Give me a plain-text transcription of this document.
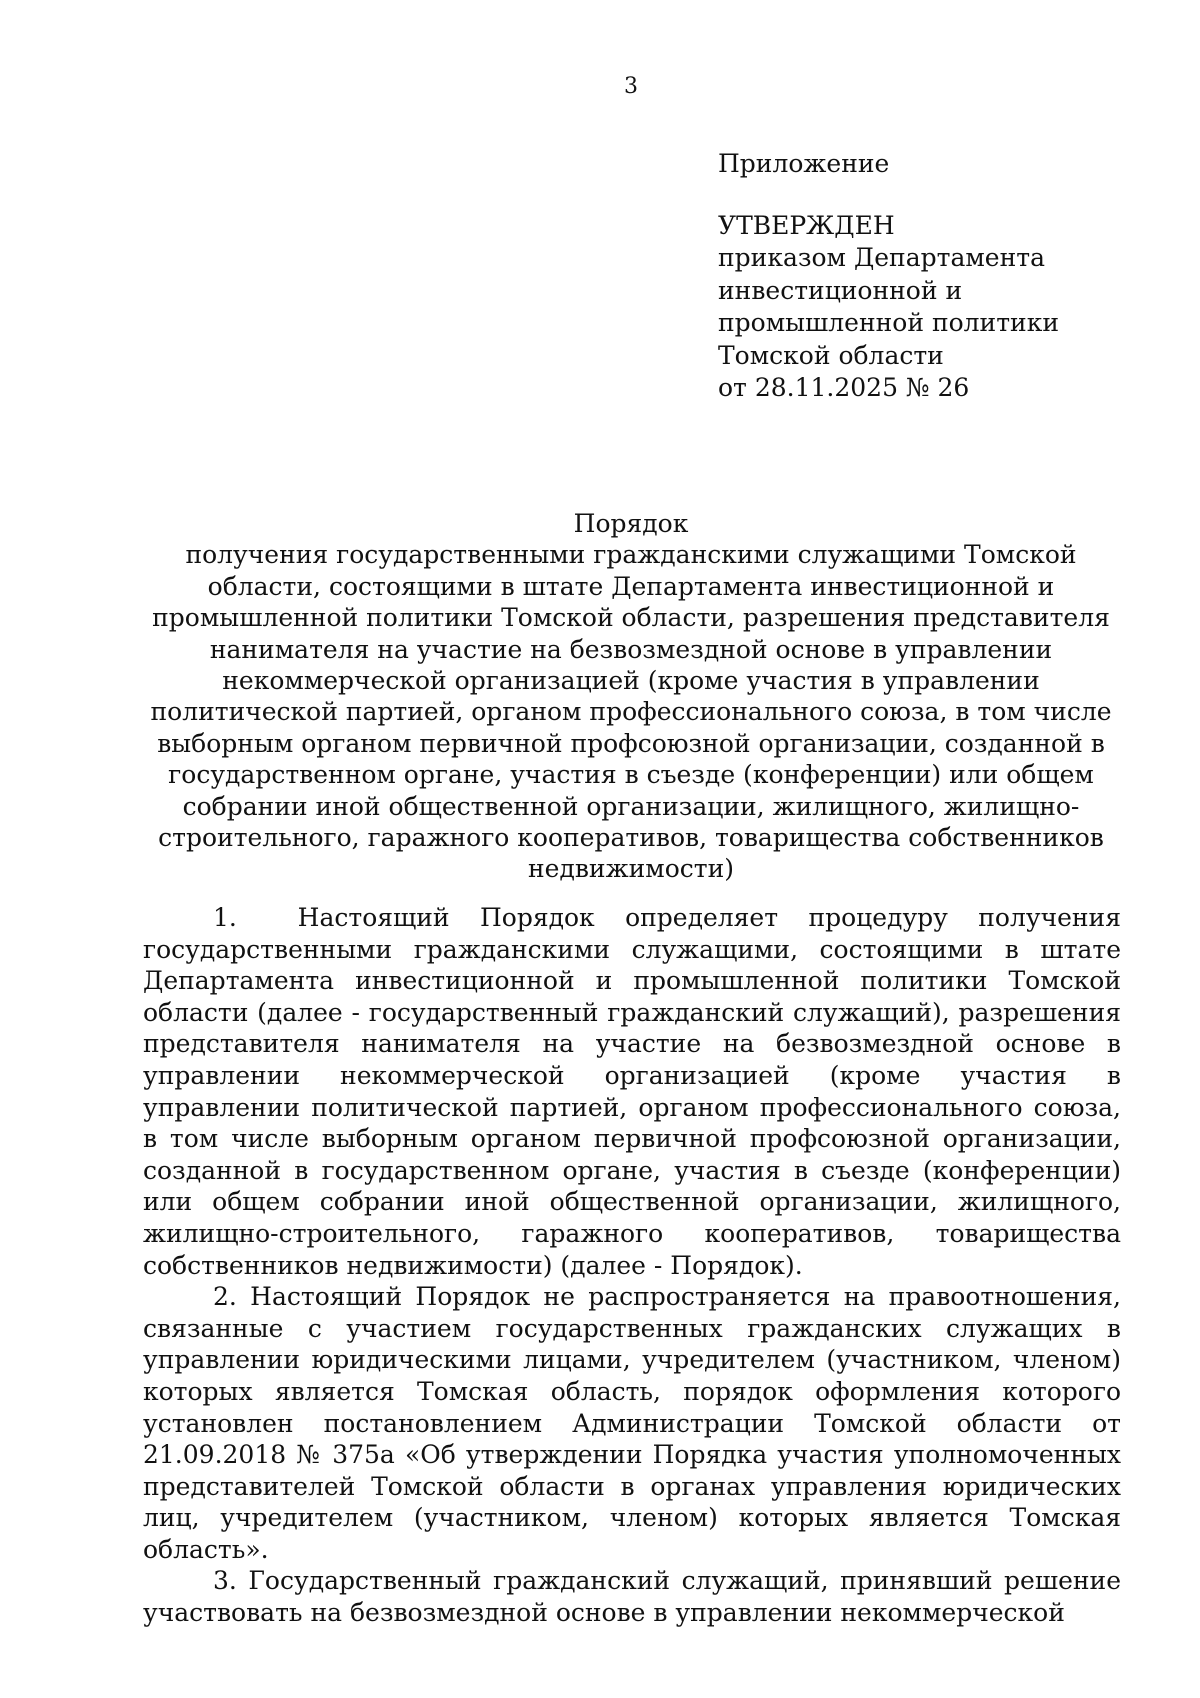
3
Приложение
УТВЕРЖДЕН
приказом Департамента
инвестиционной и
промышленной политики
Томской области
от 28.11.2025 № 26
Порядок
получения государственными гражданскими служащими Томской области, состоящими в штате Департамента инвестиционной и промышленной политики Томской области, разрешения представителя нанимателя на участие на безвозмездной основе в управлении некоммерческой организацией (кроме участия в управлении политической партией, органом профессионального союза, в том числе выборным органом первичной профсоюзной организации, созданной в государственном органе, участия в съезде (конференции) или общем собрании иной общественной организации, жилищного, жилищно-строительного, гаражного кооперативов, товарищества собственников недвижимости)

1.  Настоящий Порядок определяет процедуру получения государственными гражданскими служащими, состоящими в штате Департамента инвестиционной и промышленной политики Томской области (далее - государственный гражданский служащий), разрешения представителя нанимателя на участие на безвозмездной основе в управлении некоммерческой организацией (кроме участия в управлении политической партией, органом профессионального союза, в том числе выборным органом первичной профсоюзной организации, созданной в государственном органе, участия в съезде (конференции) или общем собрании иной общественной организации, жилищного, жилищно-строительного, гаражного кооперативов, товарищества собственников недвижимости) (далее - Порядок).

2. Настоящий Порядок не распространяется на правоотношения, связанные с участием государственных гражданских служащих в управлении юридическими лицами, учредителем (участником, членом) которых является Томская область, порядок оформления которого установлен постановлением Администрации Томской области от 21.09.2018 № 375а «Об утверждении Порядка участия уполномоченных представителей Томской области в органах управления юридических лиц, учредителем (участником, членом) которых является Томская область».

3. Государственный гражданский служащий, принявший решение участвовать на безвозмездной основе в управлении некоммерческой
